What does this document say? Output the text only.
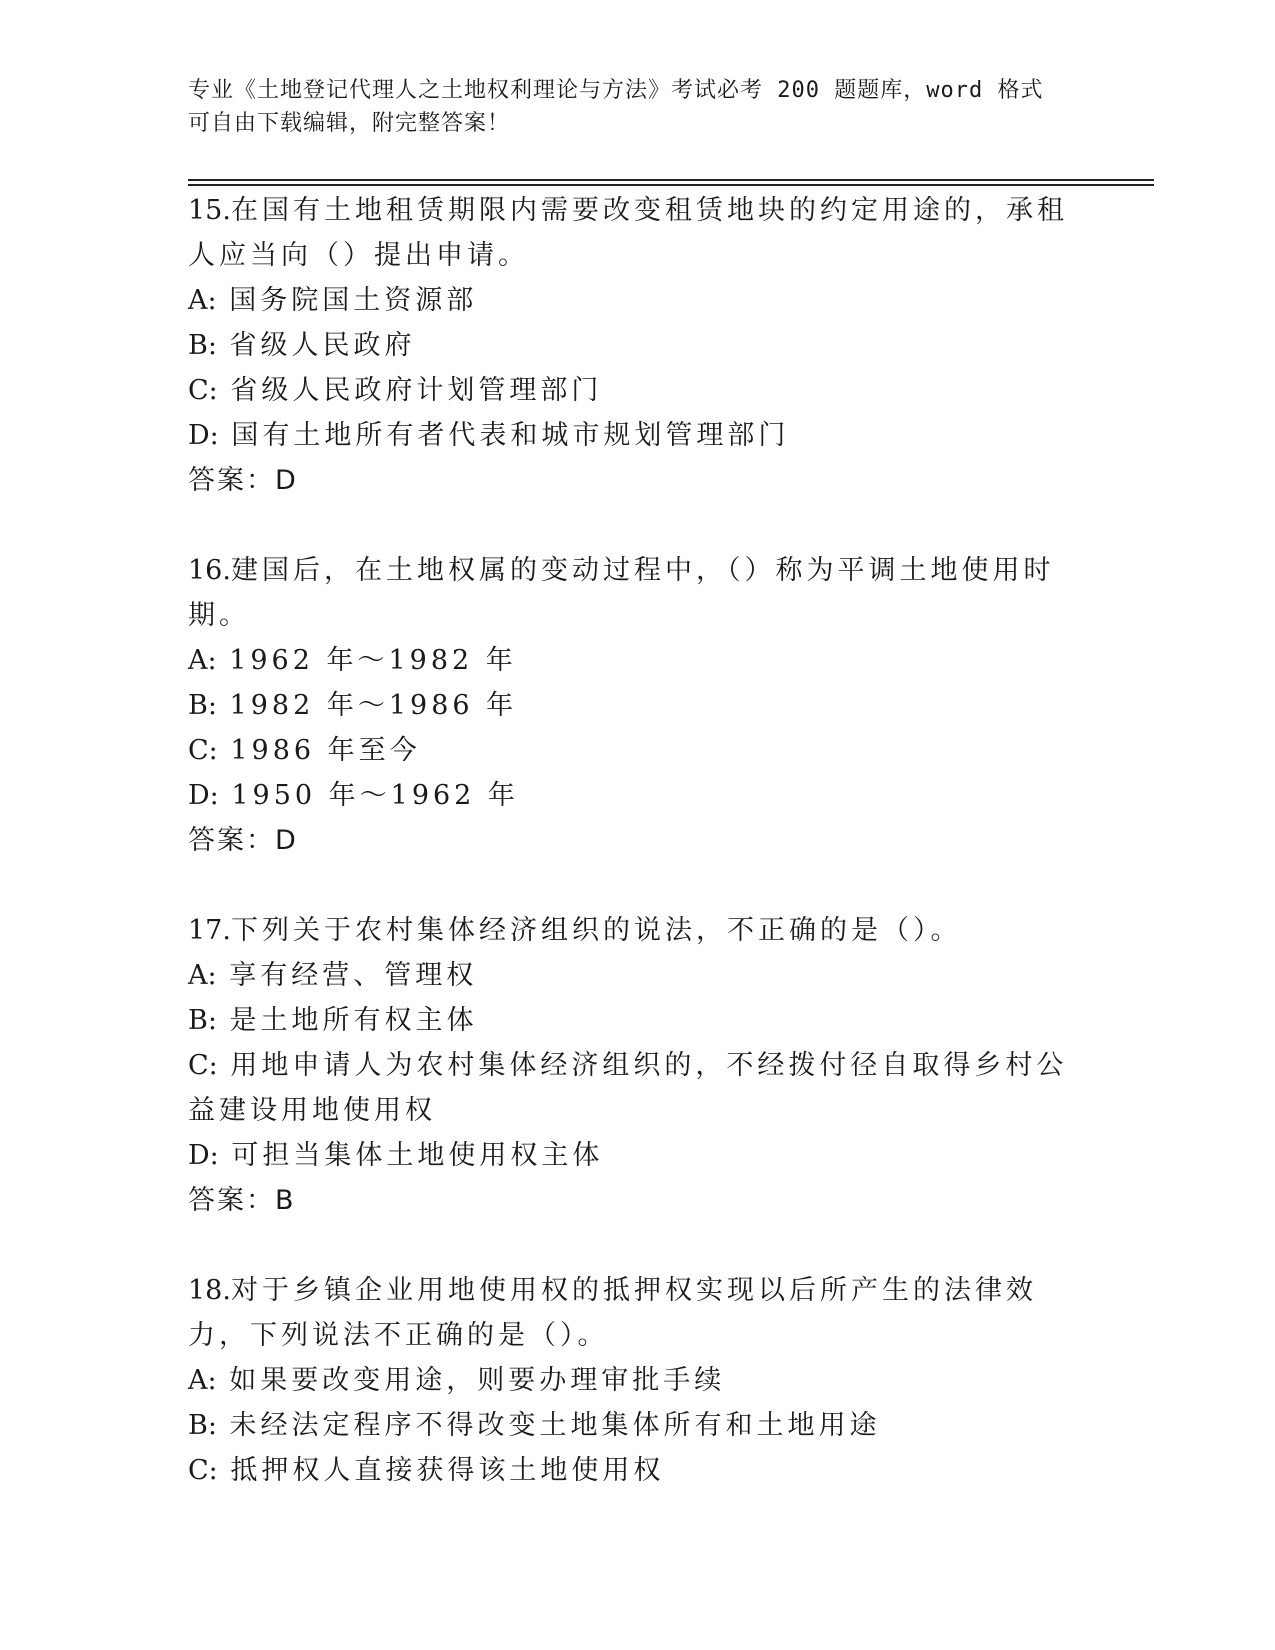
专业《土地登记代理人之土地权利理论与方法》考试必考 200 题题库，word 格式
可自由下载编辑，附完整答案！

15.在国有土地租赁期限内需要改变租赁地块的约定用途的，承租人应当向（）提出申请。

A: 国务院国土资源部

B: 省级人民政府

C: 省级人民政府计划管理部门

D: 国有土地所有者代表和城市规划管理部门

答案：D

16.建国后，在土地权属的变动过程中，（）称为平调土地使用时期。

A: 1962 年～1982 年

B: 1982 年～1986 年

C: 1986 年至今

D: 1950 年～1962 年

答案：D

17.下列关于农村集体经济组织的说法，不正确的是（）。

A: 享有经营、管理权

B: 是土地所有权主体

C: 用地申请人为农村集体经济组织的，不经拨付径自取得乡村公益建设用地使用权

D: 可担当集体土地使用权主体

答案：B

18.对于乡镇企业用地使用权的抵押权实现以后所产生的法律效力，下列说法不正确的是（）。

A: 如果要改变用途，则要办理审批手续

B: 未经法定程序不得改变土地集体所有和土地用途

C: 抵押权人直接获得该土地使用权
